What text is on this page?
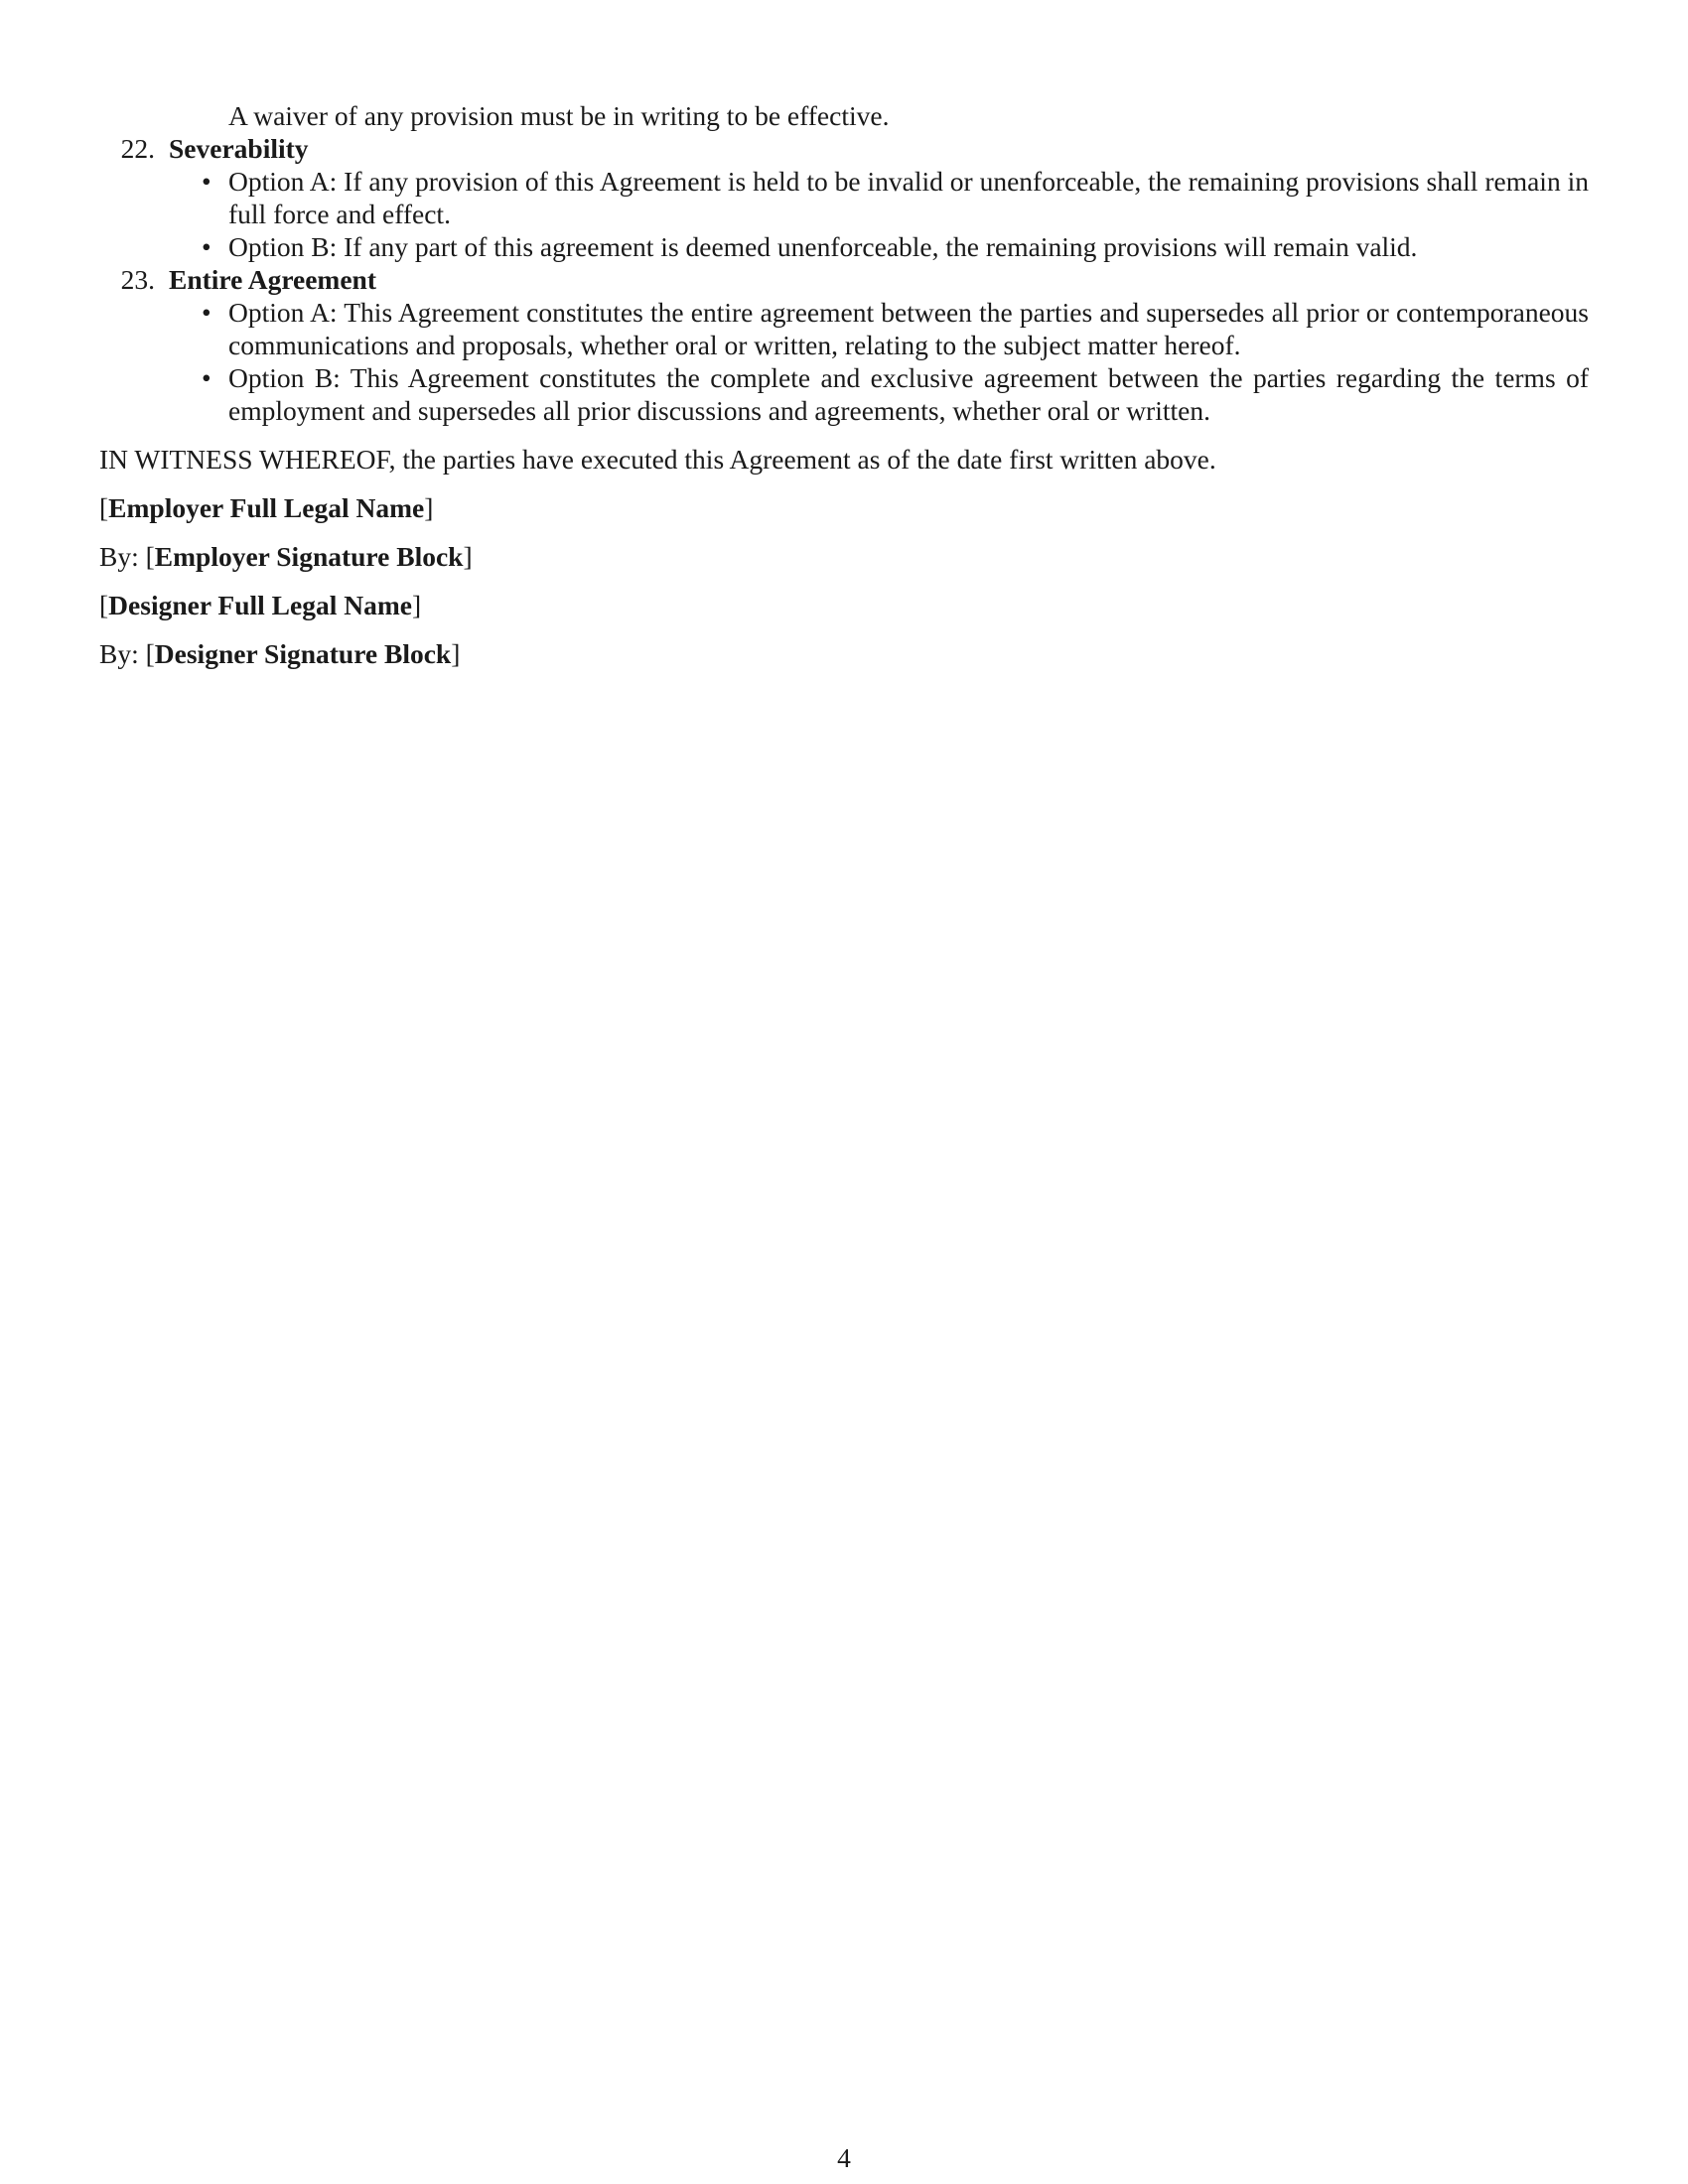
A waiver of any provision must be in writing to be effective.
22. Severability
• Option A: If any provision of this Agreement is held to be invalid or unenforceable, the remaining provisions shall remain in full force and effect.
• Option B: If any part of this agreement is deemed unenforceable, the remaining provisions will remain valid.
23. Entire Agreement
• Option A: This Agreement constitutes the entire agreement between the parties and supersedes all prior or contemporaneous communications and proposals, whether oral or written, relating to the subject matter hereof.
• Option B: This Agreement constitutes the complete and exclusive agreement between the parties regarding the terms of employment and supersedes all prior discussions and agreements, whether oral or written.
IN WITNESS WHEREOF, the parties have executed this Agreement as of the date first written above.
[Employer Full Legal Name]
By: [Employer Signature Block]
[Designer Full Legal Name]
By: [Designer Signature Block]
4
